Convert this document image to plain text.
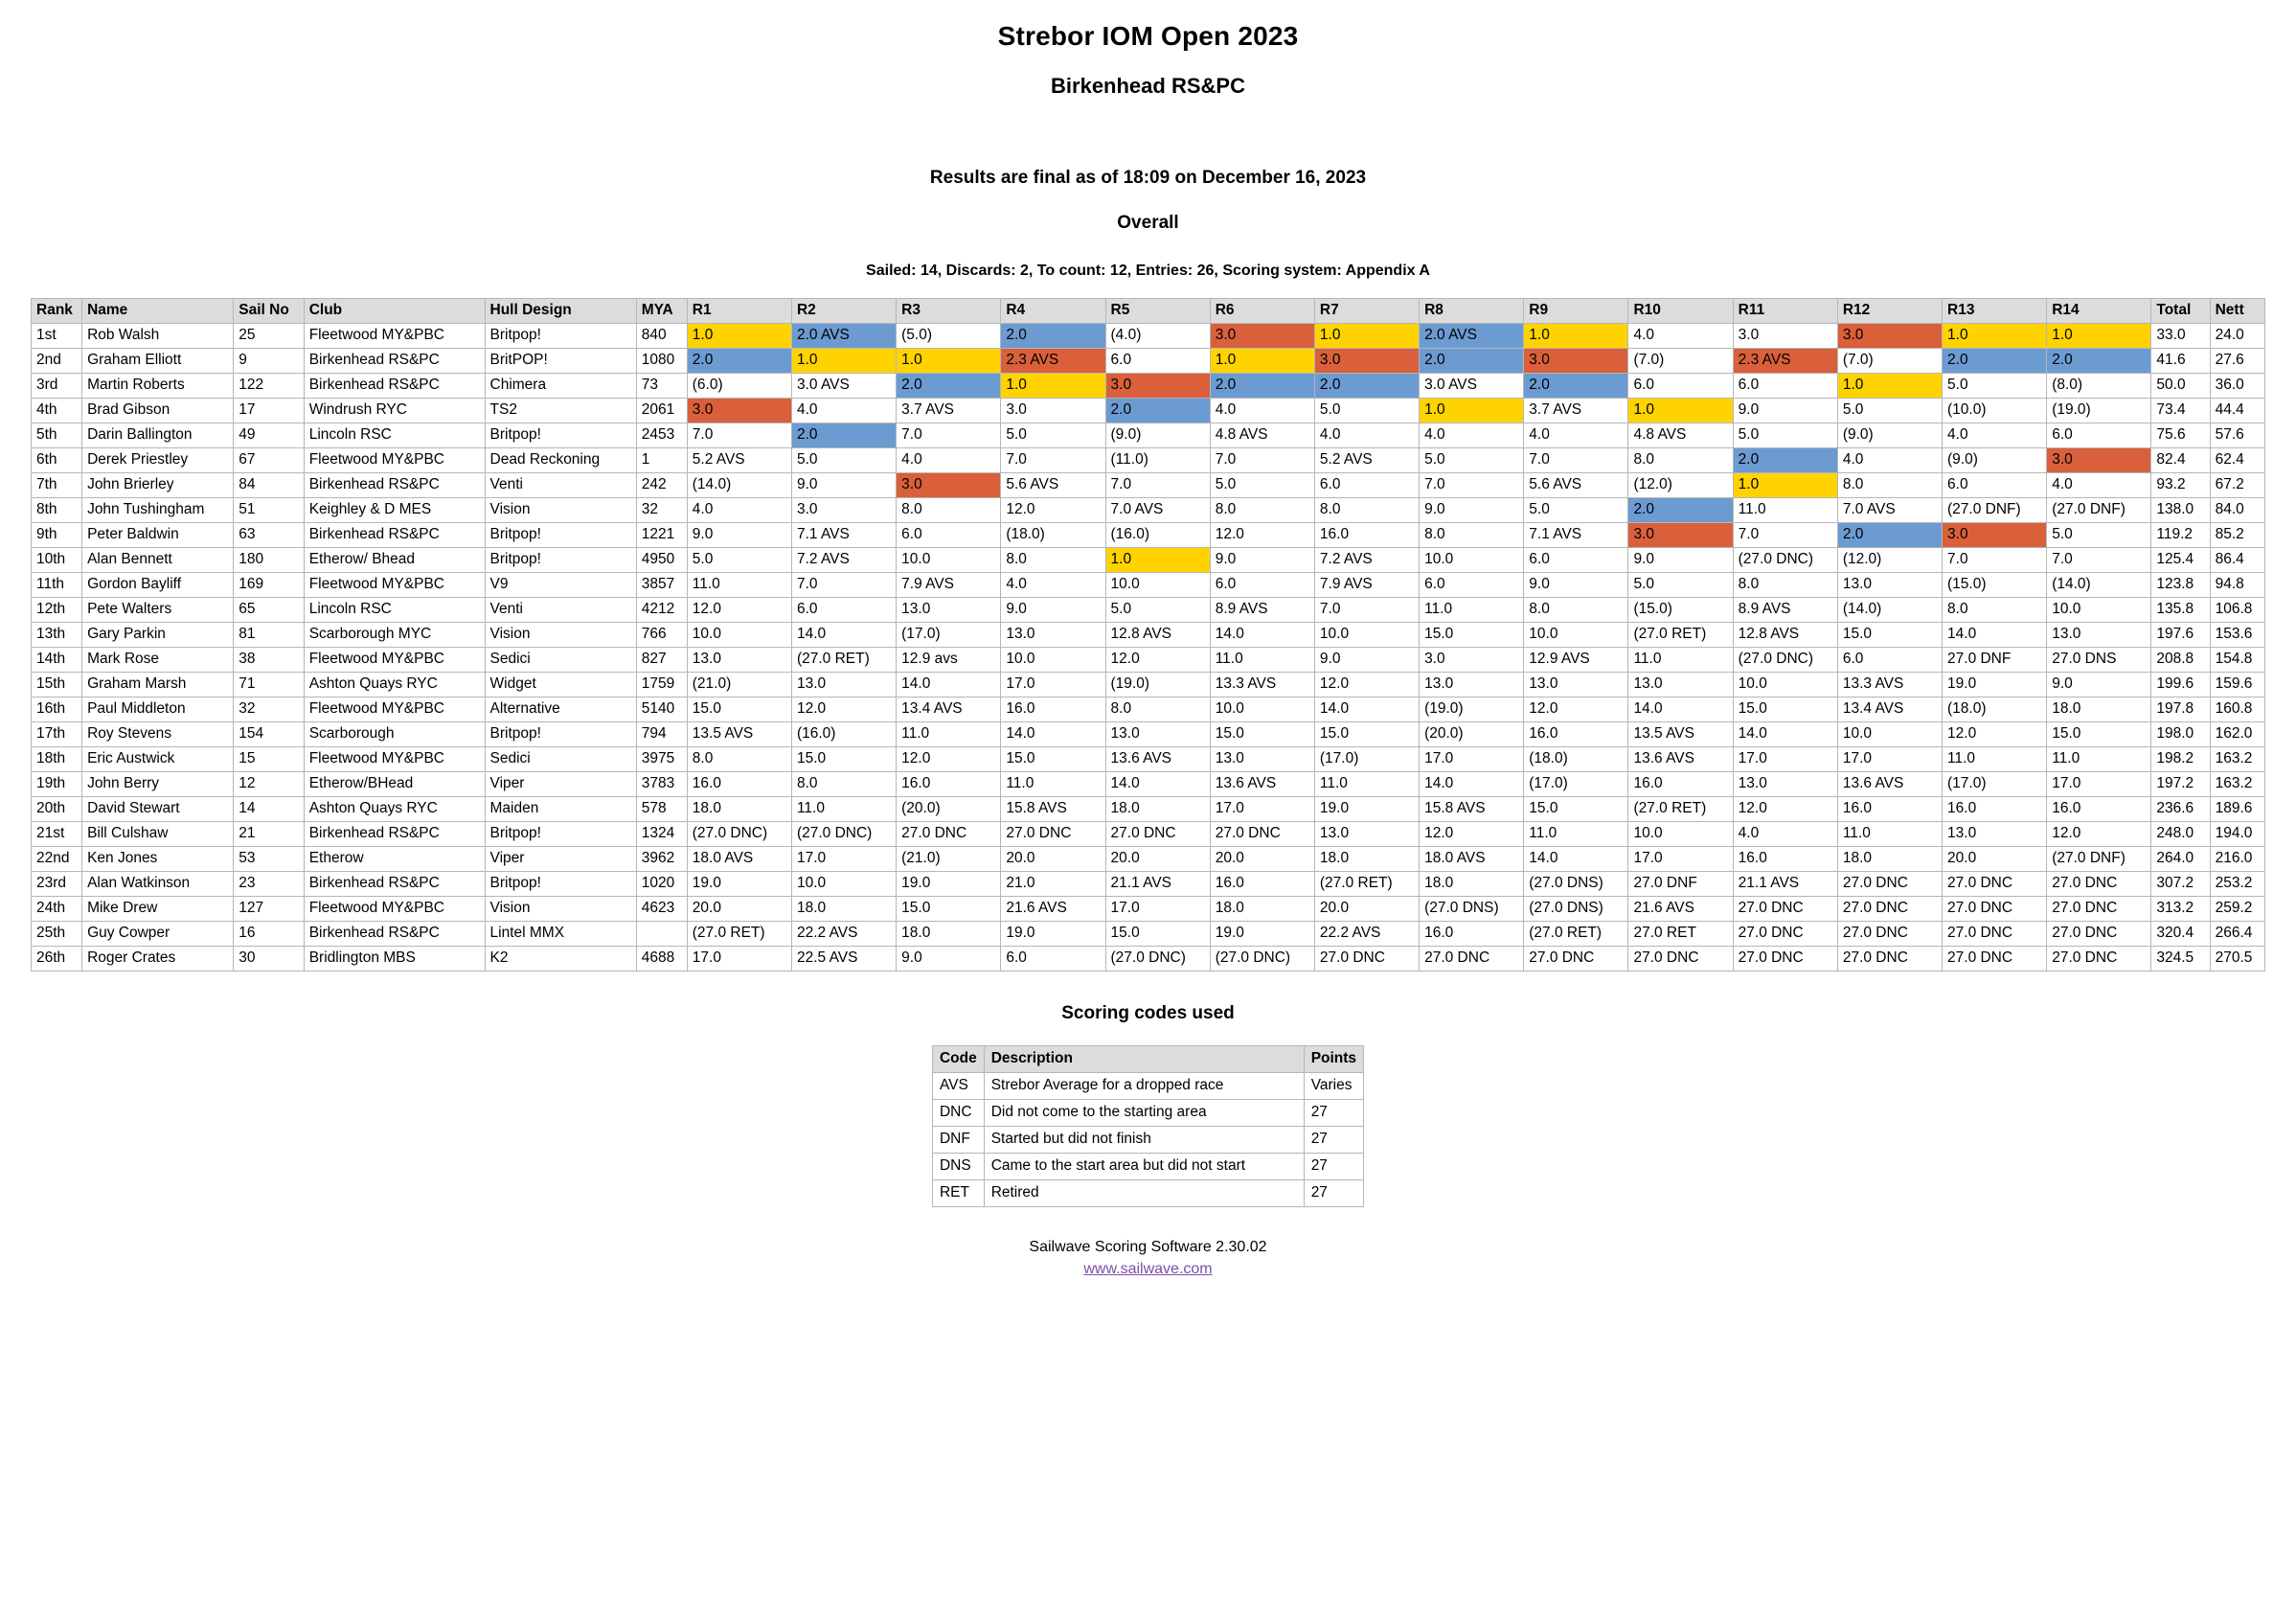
Strebor IOM Open 2023
Birkenhead RS&PC

Results are final as of 18:09 on December 16, 2023

Overall

Sailed: 14, Discards: 2, To count: 12, Entries: 26, Scoring system: Appendix A

Rank	Name	Sail No	Club	Hull Design	MYA	R1	R2	R3	R4	R5	R6	R7	R8	R9	R10	R11	R12	R13	R14	Total	Nett
1st	Rob Walsh	25	Fleetwood MY&PBC	Britpop!	840	1.0	2.0 AVS	(5.0)	2.0	(4.0)	3.0	1.0	2.0 AVS	1.0	4.0	3.0	3.0	1.0	1.0	33.0	24.0
2nd	Graham Elliott	9	Birkenhead RS&PC	BritPOP!	1080	2.0	1.0	1.0	2.3 AVS	6.0	1.0	3.0	2.0	3.0	(7.0)	2.3 AVS	(7.0)	2.0	2.0	41.6	27.6
3rd	Martin Roberts	122	Birkenhead RS&PC	Chimera	73	(6.0)	3.0 AVS	2.0	1.0	3.0	2.0	2.0	3.0 AVS	2.0	6.0	6.0	1.0	5.0	(8.0)	50.0	36.0
4th	Brad Gibson	17	Windrush RYC	TS2	2061	3.0	4.0	3.7 AVS	3.0	2.0	4.0	5.0	1.0	3.7 AVS	1.0	9.0	5.0	(10.0)	(19.0)	73.4	44.4
5th	Darin Ballington	49	Lincoln RSC	Britpop!	2453	7.0	2.0	7.0	5.0	(9.0)	4.8 AVS	4.0	4.0	4.0	4.8 AVS	5.0	(9.0)	4.0	6.0	75.6	57.6
6th	Derek Priestley	67	Fleetwood MY&PBC	Dead Reckoning	1	5.2 AVS	5.0	4.0	7.0	(11.0)	7.0	5.2 AVS	5.0	7.0	8.0	2.0	4.0	(9.0)	3.0	82.4	62.4
7th	John Brierley	84	Birkenhead RS&PC	Venti	242	(14.0)	9.0	3.0	5.6 AVS	7.0	5.0	6.0	7.0	5.6 AVS	(12.0)	1.0	8.0	6.0	4.0	93.2	67.2
8th	John Tushingham	51	Keighley & D MES	Vision	32	4.0	3.0	8.0	12.0	7.0 AVS	8.0	8.0	9.0	5.0	2.0	11.0	7.0 AVS	(27.0 DNF)	(27.0 DNF)	138.0	84.0
9th	Peter Baldwin	63	Birkenhead RS&PC	Britpop!	1221	9.0	7.1 AVS	6.0	(18.0)	(16.0)	12.0	16.0	8.0	7.1 AVS	3.0	7.0	2.0	3.0	5.0	119.2	85.2
10th	Alan Bennett	180	Etherow/ Bhead	Britpop!	4950	5.0	7.2 AVS	10.0	8.0	1.0	9.0	7.2 AVS	10.0	6.0	9.0	(27.0 DNC)	(12.0)	7.0	7.0	125.4	86.4
11th	Gordon Bayliff	169	Fleetwood MY&PBC	V9	3857	11.0	7.0	7.9 AVS	4.0	10.0	6.0	7.9 AVS	6.0	9.0	5.0	8.0	13.0	(15.0)	(14.0)	123.8	94.8
12th	Pete Walters	65	Lincoln RSC	Venti	4212	12.0	6.0	13.0	9.0	5.0	8.9 AVS	7.0	11.0	8.0	(15.0)	8.9 AVS	(14.0)	8.0	10.0	135.8	106.8
13th	Gary Parkin	81	Scarborough MYC	Vision	766	10.0	14.0	(17.0)	13.0	12.8 AVS	14.0	10.0	15.0	10.0	(27.0 RET)	12.8 AVS	15.0	14.0	13.0	197.6	153.6
14th	Mark Rose	38	Fleetwood MY&PBC	Sedici	827	13.0	(27.0 RET)	12.9 avs	10.0	12.0	11.0	9.0	3.0	12.9 AVS	11.0	(27.0 DNC)	6.0	27.0 DNF	27.0 DNS	208.8	154.8
15th	Graham Marsh	71	Ashton Quays RYC	Widget	1759	(21.0)	13.0	14.0	17.0	(19.0)	13.3 AVS	12.0	13.0	13.0	13.0	10.0	13.3 AVS	19.0	9.0	199.6	159.6
16th	Paul Middleton	32	Fleetwood MY&PBC	Alternative	5140	15.0	12.0	13.4 AVS	16.0	8.0	10.0	14.0	(19.0)	12.0	14.0	15.0	13.4 AVS	(18.0)	18.0	197.8	160.8
17th	Roy Stevens	154	Scarborough	Britpop!	794	13.5 AVS	(16.0)	11.0	14.0	13.0	15.0	15.0	(20.0)	16.0	13.5 AVS	14.0	10.0	12.0	15.0	198.0	162.0
18th	Eric Austwick	15	Fleetwood MY&PBC	Sedici	3975	8.0	15.0	12.0	15.0	13.6 AVS	13.0	(17.0)	17.0	(18.0)	13.6 AVS	17.0	17.0	11.0	11.0	198.2	163.2
19th	John Berry	12	Etherow/BHead	Viper	3783	16.0	8.0	16.0	11.0	14.0	13.6 AVS	11.0	14.0	(17.0)	16.0	13.0	13.6 AVS	(17.0)	17.0	197.2	163.2
20th	David Stewart	14	Ashton Quays RYC	Maiden	578	18.0	11.0	(20.0)	15.8 AVS	18.0	17.0	19.0	15.8 AVS	15.0	(27.0 RET)	12.0	16.0	16.0	16.0	236.6	189.6
21st	Bill Culshaw	21	Birkenhead RS&PC	Britpop!	1324	(27.0 DNC)	(27.0 DNC)	27.0 DNC	27.0 DNC	27.0 DNC	27.0 DNC	13.0	12.0	11.0	10.0	4.0	11.0	13.0	12.0	248.0	194.0
22nd	Ken Jones	53	Etherow	Viper	3962	18.0 AVS	17.0	(21.0)	20.0	20.0	20.0	18.0	18.0 AVS	14.0	17.0	16.0	18.0	20.0	(27.0 DNF)	264.0	216.0
23rd	Alan Watkinson	23	Birkenhead RS&PC	Britpop!	1020	19.0	10.0	19.0	21.0	21.1 AVS	16.0	(27.0 RET)	18.0	(27.0 DNS)	27.0 DNF	21.1 AVS	27.0 DNC	27.0 DNC	27.0 DNC	307.2	253.2
24th	Mike Drew	127	Fleetwood MY&PBC	Vision	4623	20.0	18.0	15.0	21.6 AVS	17.0	18.0	20.0	(27.0 DNS)	(27.0 DNS)	21.6 AVS	27.0 DNC	27.0 DNC	27.0 DNC	27.0 DNC	313.2	259.2
25th	Guy Cowper	16	Birkenhead RS&PC	Lintel MMX		(27.0 RET)	22.2 AVS	18.0	19.0	15.0	19.0	22.2 AVS	16.0	(27.0 RET)	27.0 RET	27.0 DNC	27.0 DNC	27.0 DNC	27.0 DNC	320.4	266.4
26th	Roger Crates	30	Bridlington MBS	K2	4688	17.0	22.5 AVS	9.0	6.0	(27.0 DNC)	(27.0 DNC)	27.0 DNC	27.0 DNC	27.0 DNC	27.0 DNC	27.0 DNC	27.0 DNC	27.0 DNC	27.0 DNC	324.5	270.5
Scoring codes used
Code	Description	Points
AVS	Strebor Average for a dropped race	Varies
DNC	Did not come to the starting area	27
DNF	Started but did not finish	27
DNS	Came to the start area but did not start	27
RET	Retired	27
Sailwave Scoring Software 2.30.02
www.sailwave.com
